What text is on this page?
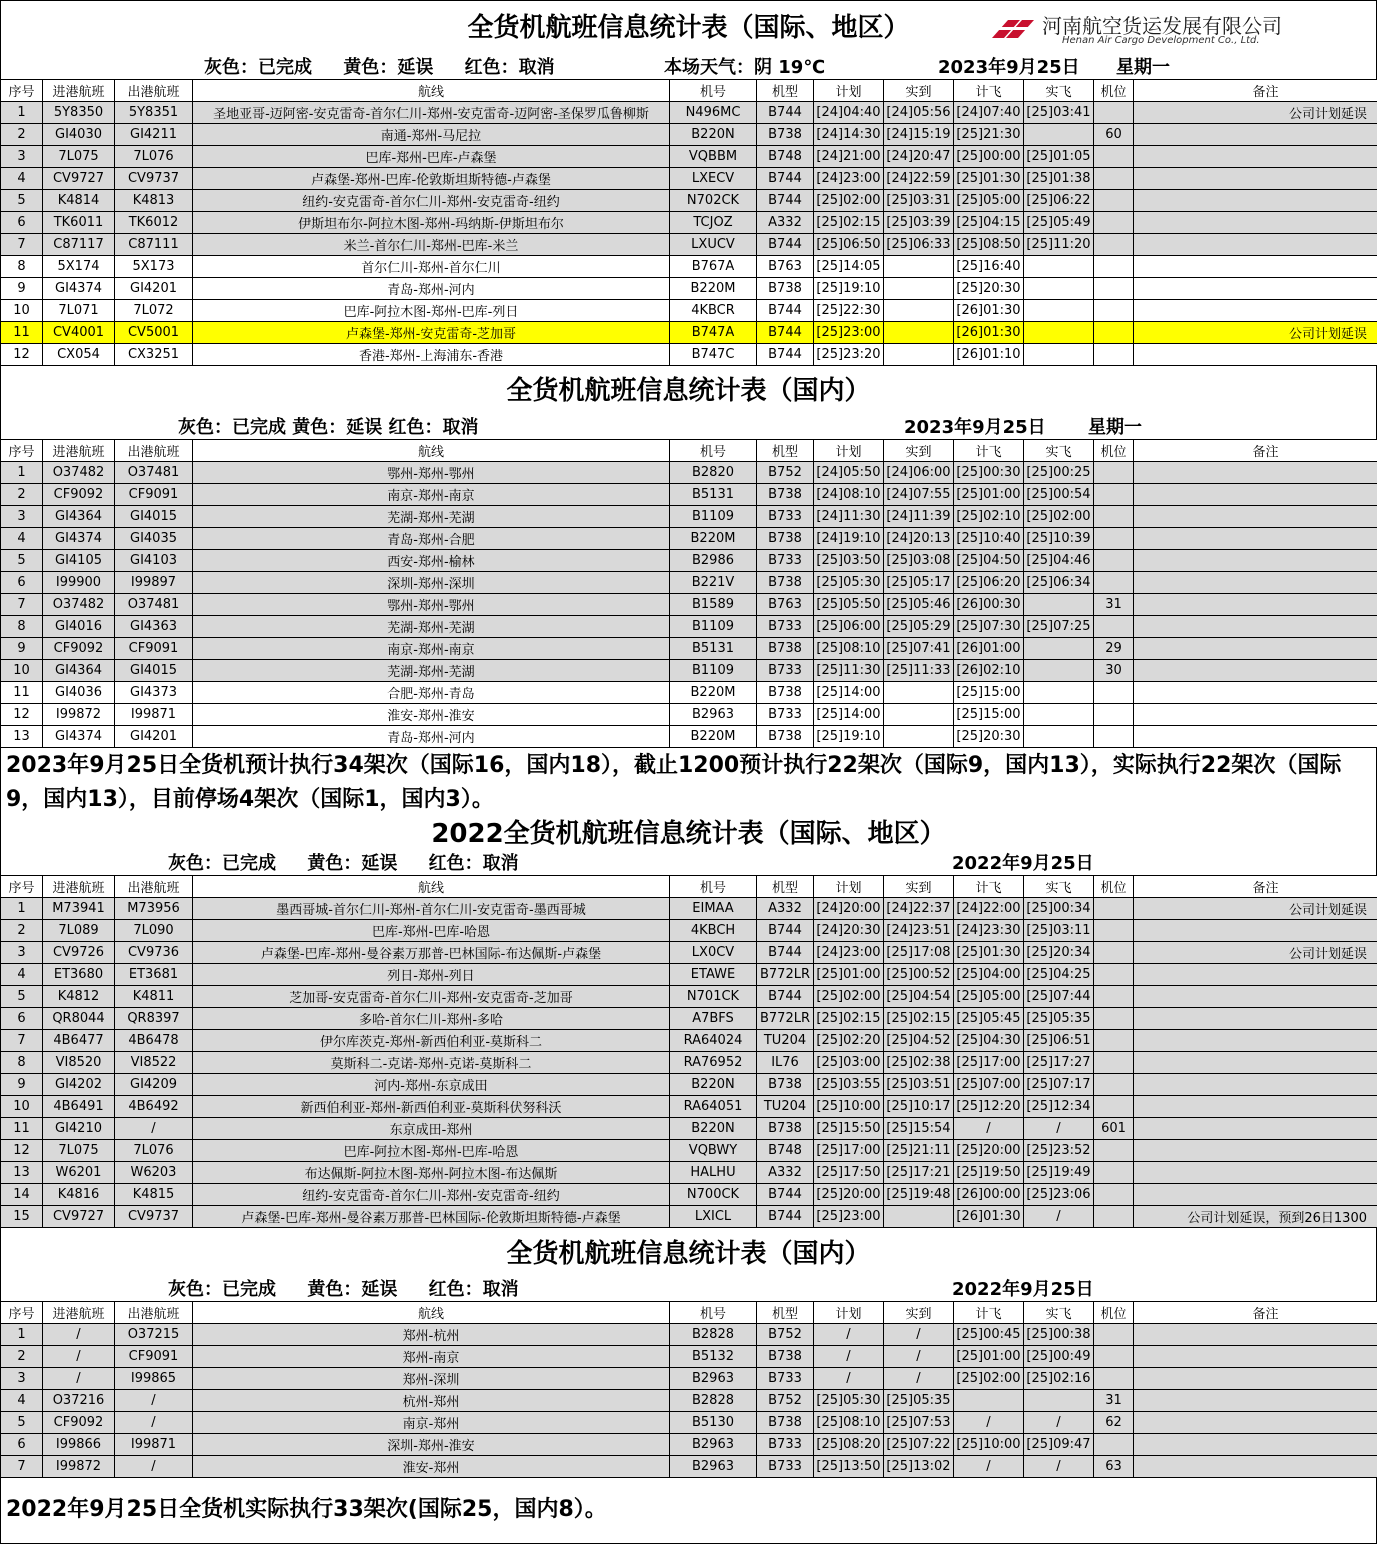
河南航空货运发展有限公司
Henan Air Cargo Development Co., Ltd.
全货机航班信息统计表（国际、地区）
灰色：已完成     黄色：延误     红色：取消	本场天气：阴 19℃	2023年9月25日 星期一
序号	进港航班	出港航班	航线	机号	机型	计划	实到	计飞	实飞	机位	备注
1	5Y8350	5Y8351	圣地亚哥-迈阿密-安克雷奇-首尔仁川-郑州-安克雷奇-迈阿密-圣保罗瓜鲁柳斯	N496MC	B744	[24]04:40	[24]05:56	[24]07:40	[25]03:41		公司计划延误
2	GI4030	GI4211	南通-郑州-马尼拉	B220N	B738	[24]14:30	[24]15:19	[25]21:30		60	
3	7L075	7L076	巴库-郑州-巴库-卢森堡	VQBBM	B748	[24]21:00	[24]20:47	[25]00:00	[25]01:05		
4	CV9727	CV9737	卢森堡-郑州-巴库-伦敦斯坦斯特德-卢森堡	LXECV	B744	[24]23:00	[24]22:59	[25]01:30	[25]01:38		
5	K4814	K4813	纽约-安克雷奇-首尔仁川-郑州-安克雷奇-纽约	N702CK	B744	[25]02:00	[25]03:31	[25]05:00	[25]06:22		
6	TK6011	TK6012	伊斯坦布尔-阿拉木图-郑州-玛纳斯-伊斯坦布尔	TCJOZ	A332	[25]02:15	[25]03:39	[25]04:15	[25]05:49		
7	C87117	C87111	米兰-首尔仁川-郑州-巴库-米兰	LXUCV	B744	[25]06:50	[25]06:33	[25]08:50	[25]11:20		
8	5X174	5X173	首尔仁川-郑州-首尔仁川	B767A	B763	[25]14:05		[25]16:40			
9	GI4374	GI4201	青岛-郑州-河内	B220M	B738	[25]19:10		[25]20:30			
10	7L071	7L072	巴库-阿拉木图-郑州-巴库-列日	4KBCR	B744	[25]22:30		[26]01:30			
11	CV4001	CV5001	卢森堡-郑州-安克雷奇-芝加哥	B747A	B744	[25]23:00		[26]01:30			公司计划延误
12	CX054	CX3251	香港-郑州-上海浦东-香港	B747C	B744	[25]23:20		[26]01:10			
全货机航班信息统计表（国内）
灰色：已完成 黄色：延误 红色：取消	2023年9月25日 星期一
序号	进港航班	出港航班	航线	机号	机型	计划	实到	计飞	实飞	机位	备注
1	O37482	O37481	鄂州-郑州-鄂州	B2820	B752	[24]05:50	[24]06:00	[25]00:30	[25]00:25		
2	CF9092	CF9091	南京-郑州-南京	B5131	B738	[24]08:10	[24]07:55	[25]01:00	[25]00:54		
3	GI4364	GI4015	芜湖-郑州-芜湖	B1109	B733	[24]11:30	[24]11:39	[25]02:10	[25]02:00		
4	GI4374	GI4035	青岛-郑州-合肥	B220M	B738	[24]19:10	[24]20:13	[25]10:40	[25]10:39		
5	GI4105	GI4103	西安-郑州-榆林	B2986	B733	[25]03:50	[25]03:08	[25]04:50	[25]04:46		
6	I99900	I99897	深圳-郑州-深圳	B221V	B738	[25]05:30	[25]05:17	[25]06:20	[25]06:34		
7	O37482	O37481	鄂州-郑州-鄂州	B1589	B763	[25]05:50	[25]05:46	[26]00:30		31	
8	GI4016	GI4363	芜湖-郑州-芜湖	B1109	B733	[25]06:00	[25]05:29	[25]07:30	[25]07:25		
9	CF9092	CF9091	南京-郑州-南京	B5131	B738	[25]08:10	[25]07:41	[26]01:00		29	
10	GI4364	GI4015	芜湖-郑州-芜湖	B1109	B733	[25]11:30	[25]11:33	[26]02:10		30	
11	GI4036	GI4373	合肥-郑州-青岛	B220M	B738	[25]14:00		[25]15:00			
12	I99872	I99871	淮安-郑州-淮安	B2963	B733	[25]14:00		[25]15:00			
13	GI4374	GI4201	青岛-郑州-河内	B220M	B738	[25]19:10		[25]20:30			
2023年9月25日全货机预计执行34架次（国际16，国内18），截止1200预计执行22架次（国际9，国内13），实际执行22架次（国际9，国内13），目前停场4架次（国际1，国内3）。
2022全货机航班信息统计表（国际、地区）
灰色：已完成     黄色：延误     红色：取消	2022年9月25日
序号	进港航班	出港航班	航线	机号	机型	计划	实到	计飞	实飞	机位	备注
1	M73941	M73956	墨西哥城-首尔仁川-郑州-首尔仁川-安克雷奇-墨西哥城	EIMAA	A332	[24]20:00	[24]22:37	[24]22:00	[25]00:34		公司计划延误
2	7L089	7L090	巴库-郑州-巴库-哈恩	4KBCH	B744	[24]20:30	[24]23:51	[24]23:30	[25]03:11		
3	CV9726	CV9736	卢森堡-巴库-郑州-曼谷素万那普-巴林国际-布达佩斯-卢森堡	LX0CV	B744	[24]23:00	[25]17:08	[25]01:30	[25]20:34		公司计划延误
4	ET3680	ET3681	列日-郑州-列日	ETAWE	B772LR	[25]01:00	[25]00:52	[25]04:00	[25]04:25		
5	K4812	K4811	芝加哥-安克雷奇-首尔仁川-郑州-安克雷奇-芝加哥	N701CK	B744	[25]02:00	[25]04:54	[25]05:00	[25]07:44		
6	QR8044	QR8397	多哈-首尔仁川-郑州-多哈	A7BFS	B772LR	[25]02:15	[25]02:15	[25]05:45	[25]05:35		
7	4B6477	4B6478	伊尔库茨克-郑州-新西伯利亚-莫斯科二	RA64024	TU204	[25]02:20	[25]04:52	[25]04:30	[25]06:51		
8	VI8520	VI8522	莫斯科二-克诺-郑州-克诺-莫斯科二	RA76952	IL76	[25]03:00	[25]02:38	[25]17:00	[25]17:27		
9	GI4202	GI4209	河内-郑州-东京成田	B220N	B738	[25]03:55	[25]03:51	[25]07:00	[25]07:17		
10	4B6491	4B6492	新西伯利亚-郑州-新西伯利亚-莫斯科伏努科沃	RA64051	TU204	[25]10:00	[25]10:17	[25]12:20	[25]12:34		
11	GI4210	/	东京成田-郑州	B220N	B738	[25]15:50	[25]15:54	/	/	601	
12	7L075	7L076	巴库-阿拉木图-郑州-巴库-哈恩	VQBWY	B748	[25]17:00	[25]21:11	[25]20:00	[25]23:52		
13	W6201	W6203	布达佩斯-阿拉木图-郑州-阿拉木图-布达佩斯	HALHU	A332	[25]17:50	[25]17:21	[25]19:50	[25]19:49		
14	K4816	K4815	纽约-安克雷奇-首尔仁川-郑州-安克雷奇-纽约	N700CK	B744	[25]20:00	[25]19:48	[26]00:00	[25]23:06		
15	CV9727	CV9737	卢森堡-巴库-郑州-曼谷素万那普-巴林国际-伦敦斯坦斯特德-卢森堡	LXICL	B744	[25]23:00		[26]01:30	/		公司计划延误，预到26日1300
全货机航班信息统计表（国内）
灰色：已完成     黄色：延误     红色：取消	2022年9月25日
序号	进港航班	出港航班	航线	机号	机型	计划	实到	计飞	实飞	机位	备注
1	/	O37215	郑州-杭州	B2828	B752	/	/	[25]00:45	[25]00:38		
2	/	CF9091	郑州-南京	B5132	B738	/	/	[25]01:00	[25]00:49		
3	/	I99865	郑州-深圳	B2963	B733	/	/	[25]02:00	[25]02:16		
4	O37216	/	杭州-郑州	B2828	B752	[25]05:30	[25]05:35			31	
5	CF9092	/	南京-郑州	B5130	B738	[25]08:10	[25]07:53	/	/	62	
6	I99866	I99871	深圳-郑州-淮安	B2963	B733	[25]08:20	[25]07:22	[25]10:00	[25]09:47		
7	I99872	/	淮安-郑州	B2963	B733	[25]13:50	[25]13:02	/	/	63	
2022年9月25日全货机实际执行33架次(国际25，国内8）。
